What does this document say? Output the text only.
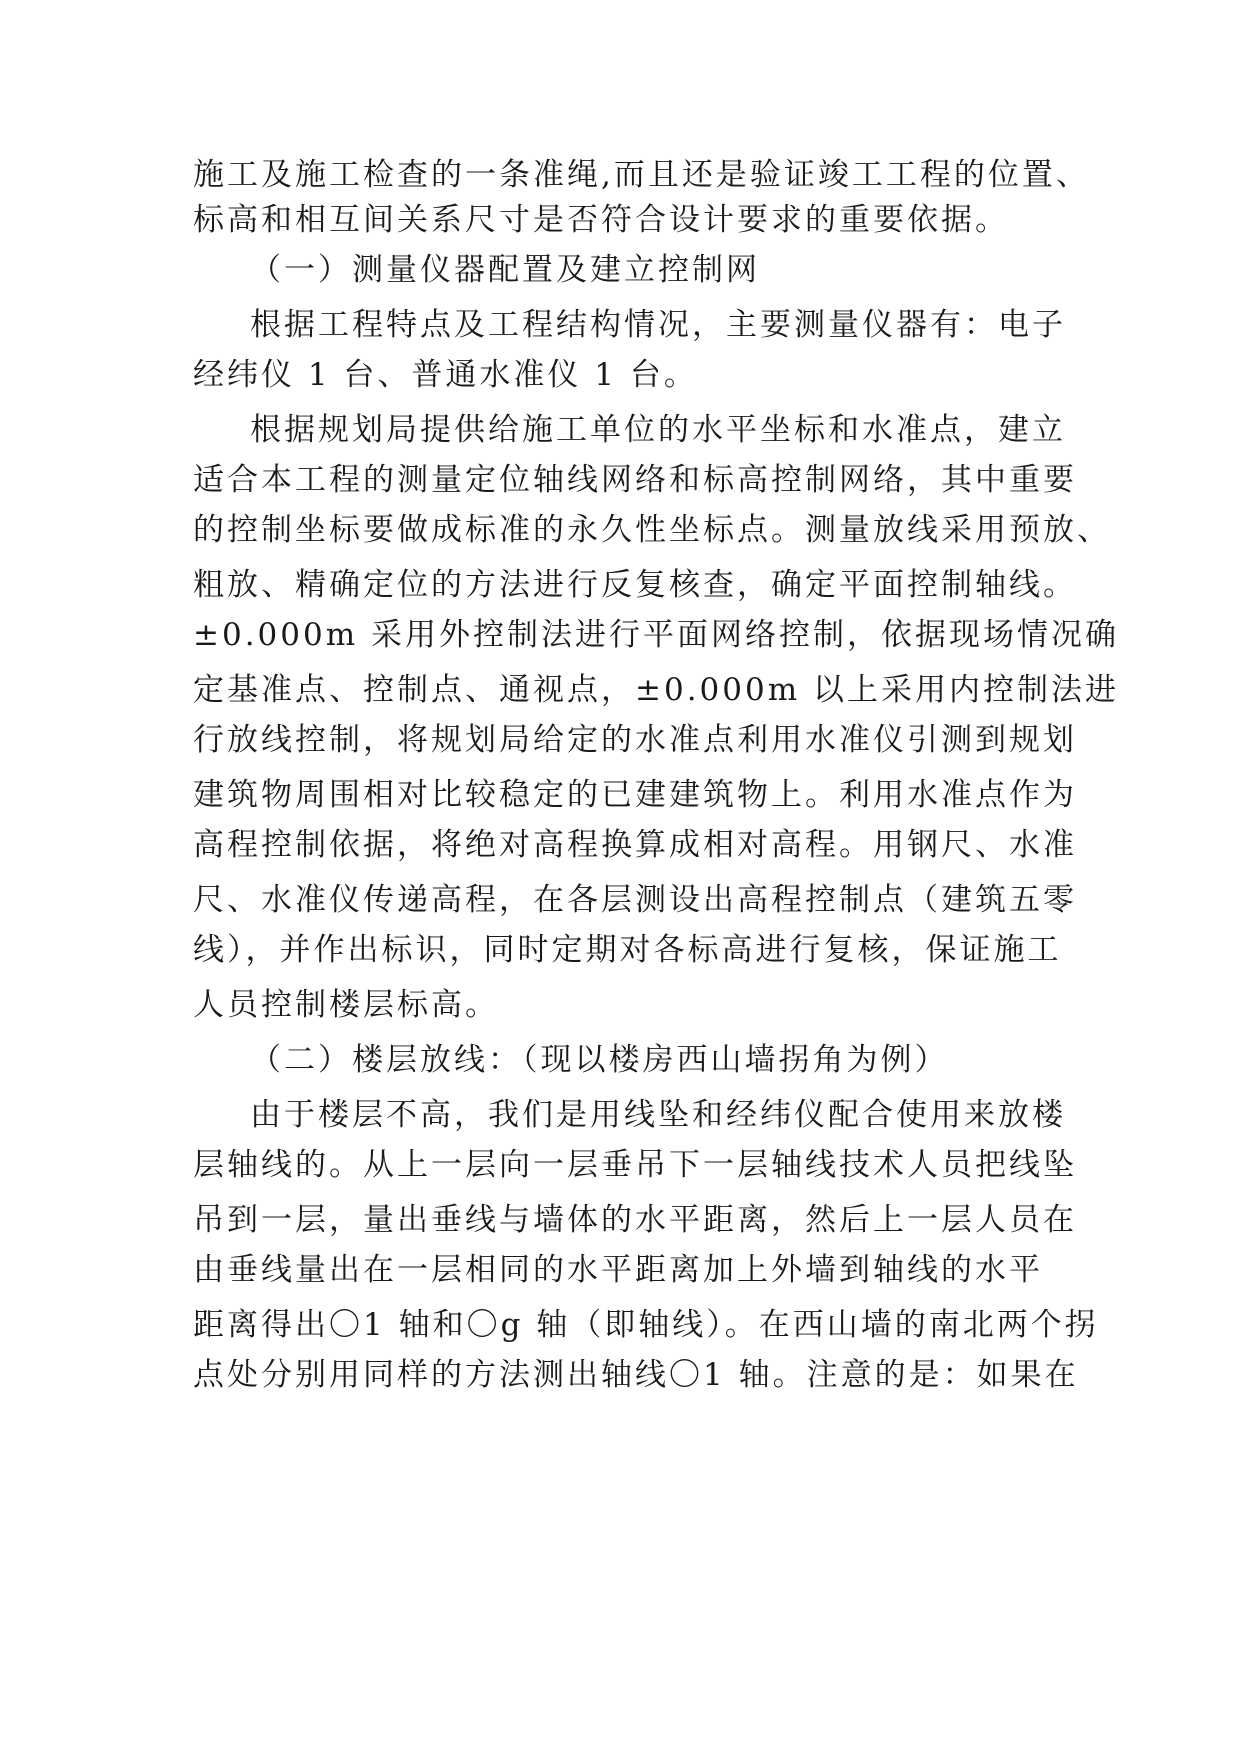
施工及施工检查的一条准绳,而且还是验证竣工工程的位置、
标高和相互间关系尺寸是否符合设计要求的重要依据。
（一）测量仪器配置及建立控制网
根据工程特点及工程结构情况，主要测量仪器有：电子
经纬仪 1 台、普通水准仪 1 台。
根据规划局提供给施工单位的水平坐标和水准点，建立
适合本工程的测量定位轴线网络和标高控制网络，其中重要
的控制坐标要做成标准的永久性坐标点。测量放线采用预放、
粗放、精确定位的方法进行反复核查，确定平面控制轴线。
±0.000m 采用外控制法进行平面网络控制，依据现场情况确
定基准点、控制点、通视点，±0.000m 以上采用内控制法进
行放线控制，将规划局给定的水准点利用水准仪引测到规划
建筑物周围相对比较稳定的已建建筑物上。利用水准点作为
高程控制依据，将绝对高程换算成相对高程。用钢尺、水准
尺、水准仪传递高程，在各层测设出高程控制点（建筑五零
线），并作出标识，同时定期对各标高进行复核，保证施工
人员控制楼层标高。
（二）楼层放线：（现以楼房西山墙拐角为例）
由于楼层不高，我们是用线坠和经纬仪配合使用来放楼
层轴线的。从上一层向一层垂吊下一层轴线技术人员把线坠
吊到一层，量出垂线与墙体的水平距离，然后上一层人员在
由垂线量出在一层相同的水平距离加上外墙到轴线的水平
距离得出〇1 轴和〇g 轴（即轴线）。在西山墙的南北两个拐
点处分别用同样的方法测出轴线〇1 轴。注意的是：如果在
